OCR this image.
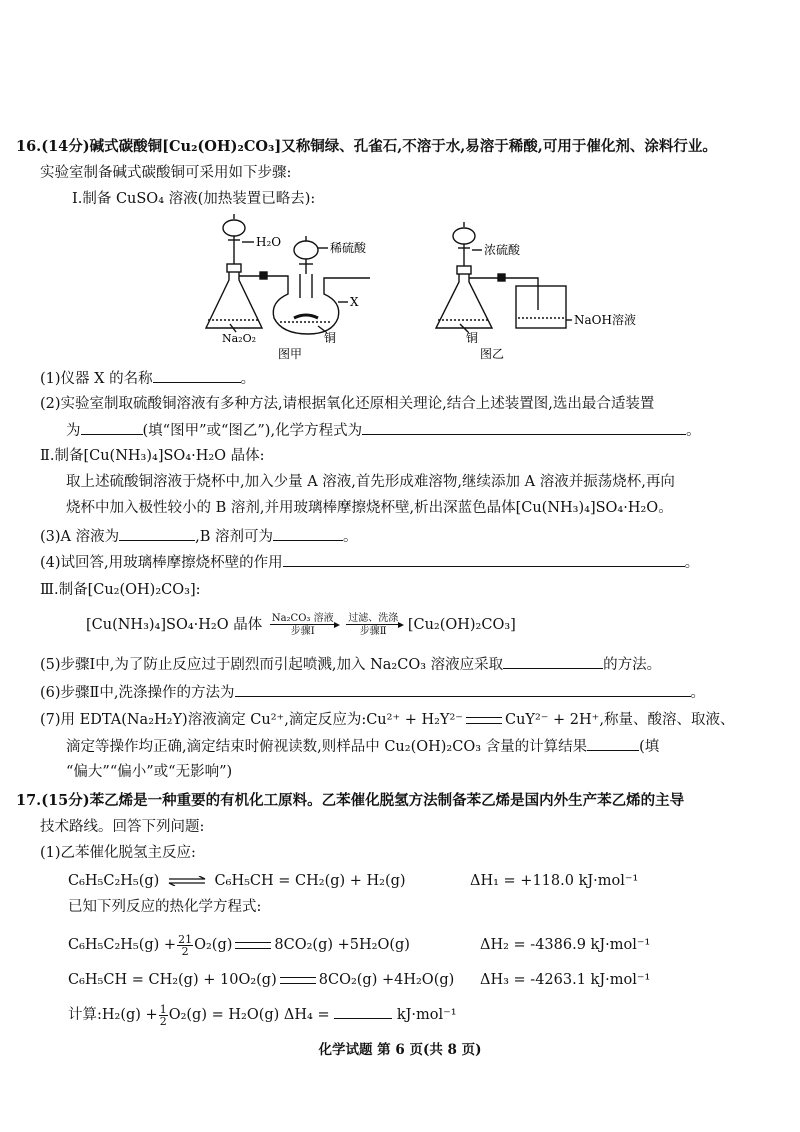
16.(14分)碱式碳酸铜[Cu₂(OH)₂CO₃]又称铜绿、孔雀石,不溶于水,易溶于稀酸,可用于催化剂、涂料行业。
实验室制备碱式碳酸铜可采用如下步骤:
Ⅰ.制备 CuSO₄ 溶液(加热装置已略去):
H₂O	稀硫酸
X
Na₂O₂	铜
图甲
浓硫酸
NaOH溶液
铜
图乙
(1)仪器 X 的名称	。
(2)实验室制取硫酸铜溶液有多种方法,请根据氧化还原相关理论,结合上述装置图,选出最合适装置
为	(填“图甲”或“图乙”),化学方程式为	。
Ⅱ.制备[Cu(NH₃)₄]SO₄·H₂O 晶体:
取上述硫酸铜溶液于烧杯中,加入少量 A 溶液,首先形成难溶物,继续添加 A 溶液并振荡烧杯,再向
烧杯中加入极性较小的 B 溶剂,并用玻璃棒摩擦烧杯壁,析出深蓝色晶体[Cu(NH₃)₄]SO₄·H₂O。
(3)A 溶液为	,B 溶剂可为	。
(4)试回答,用玻璃棒摩擦烧杯壁的作用	。
Ⅲ.制备[Cu₂(OH)₂CO₃]:
[Cu(NH₃)₄]SO₄·H₂O 晶体 Na₂CO₃ 溶液
步骤Ⅰ

过滤、洗涤
步骤Ⅱ	[Cu₂(OH)₂CO₃]
(5)步骤Ⅰ中,为了防止反应过于剧烈而引起喷溅,加入 Na₂CO₃ 溶液应采取	的方法。
(6)步骤Ⅱ中,洗涤操作的方法为	。
(7)用 EDTA(Na₂H₂Y)溶液滴定 Cu²⁺,滴定反应为:Cu²⁺ + H₂Y²⁻	CuY²⁻ + 2H⁺,称量、酸溶、取液、
滴定等操作均正确,滴定结束时俯视读数,则样品中 Cu₂(OH)₂CO₃ 含量的计算结果	(填
“偏大”“偏小”或“无影响”)
17.(15分)苯乙烯是一种重要的有机化工原料。乙苯催化脱氢方法制备苯乙烯是国内外生产苯乙烯的主导
技术路线。回答下列问题:
(1)乙苯催化脱氢主反应:
C₆H₅C₂H₅(g) ⇌ C₆H₅CH = CH₂(g) + H₂(g)	ΔH₁ = +118.0 kJ·mol⁻¹
已知下列反应的热化学方程式:
$C_6H_5C_2H_5(g) + \frac{21}{2} O_2(g)$	8CO₂(g) +5H₂O(g)	ΔH₂ = -4386.9 kJ·mol⁻¹
C₆H₅CH = CH₂(g) + 10O₂(g)	8CO₂(g) +4H₂O(g) ΔH₃ = -4263.1 kJ·mol⁻¹
计算:H₂(g) + $\frac{1}{2} O_2(g) = H_2O(g) \Delta H_4$ =	kJ·mol⁻¹
化学试题 第 6 页(共 8 页)
